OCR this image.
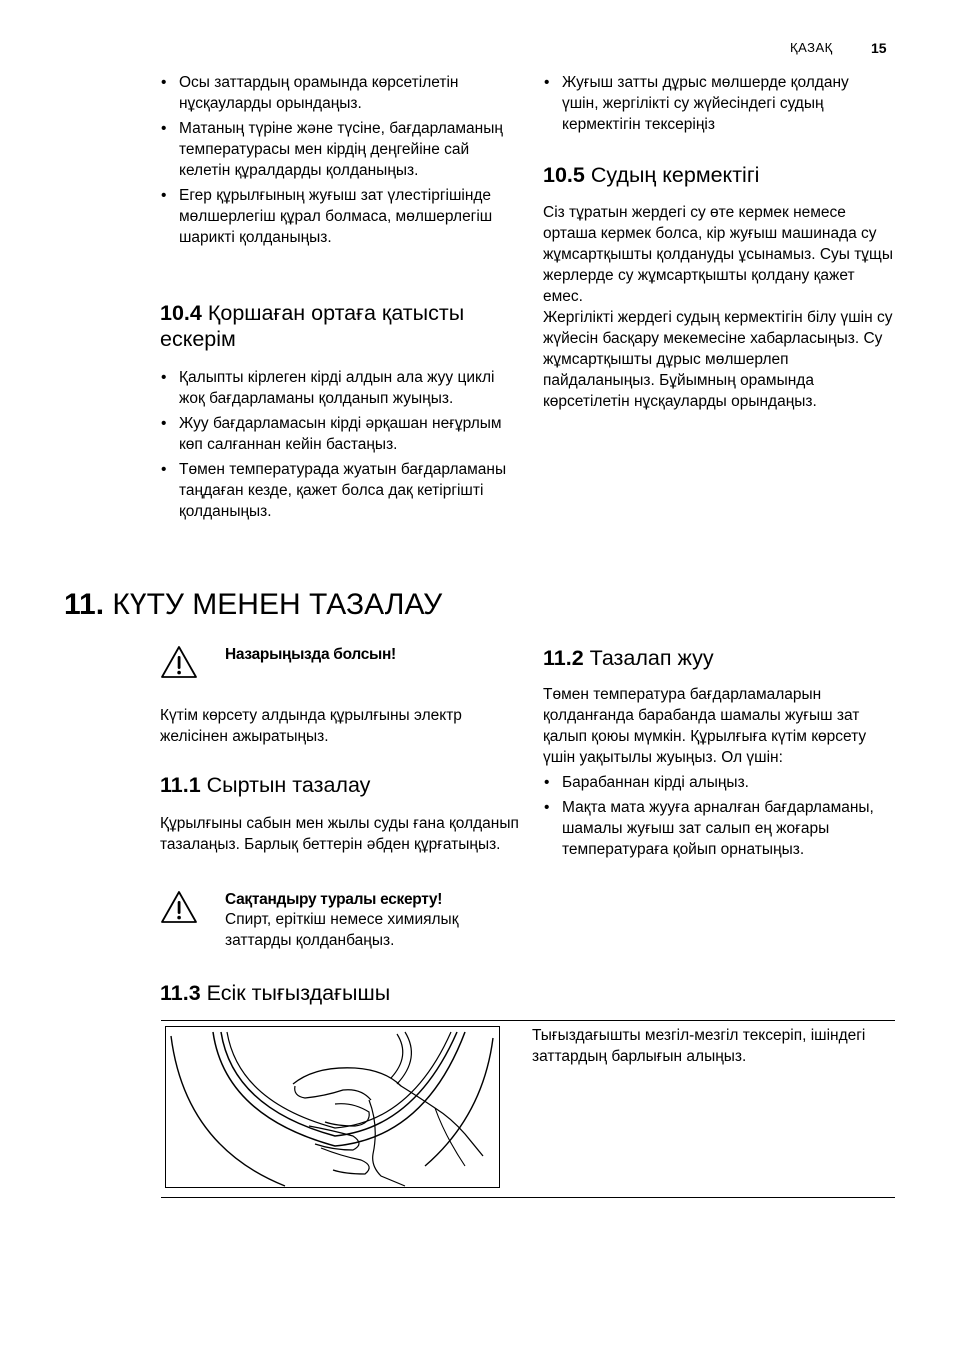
ҚАЗАҚ	15
• Осы заттардың орамында көрсетілетін нұсқауларды орындаңыз.
• Матаның түріне және түсіне, бағдарламаның температурасы мен кірдің деңгейіне сай келетін құралдарды қолданыңыз.
• Егер құрылғының жуғыш зат үлестіргішінде мөлшерлегіш құрал болмаса, мөлшерлегіш шарикті қолданыңыз.
10.4 Қоршаған ортаға қатысты
ескерім
• Қалыпты кірлеген кірді алдын ала жуу циклі жоқ бағдарламаны қолданып жуыңыз.
• Жуу бағдарламасын кірді әрқашан неғұрлым көп салғаннан кейін бастаңыз.
• Төмен температурада жуатын бағдарламаны таңдаған кезде, қажет болса дақ кетіргішті қолданыңыз.
• Жуғыш затты дұрыс мөлшерде қолдану үшін, жергілікті су жүйесіндегі судың кермектігін тексеріңіз
10.5 Судың кермектігі

Сіз тұратын жердегі су өте кермек немесе орташа кермек болса, кір жуғыш машинада су жұмсартқышты қолдануды ұсынамыз. Суы тұщы жерлерде су жұмсартқышты қолдану қажет емес.

Жергілікті жердегі судың кермектігін білу үшін су жүйесін басқару мекемесіне хабарласыңыз. Су жұмсартқышты дұрыс мөлшерлеп пайдаланыңыз. Бұйымның орамында көрсетілетін нұсқауларды орындаңыз.

11. КҮТУ МЕНЕН ТАЗАЛАУ
Назарыңызда болсын!

Күтім көрсету алдында құрылғыны электр желісінен ажыратыңыз.

11.1 Сыртын тазалау

Құрылғыны сабын мен жылы суды ғана қолданып тазалаңыз. Барлық беттерін әбден құрғатыңыз.

Сақтандыру туралы ескерту!
Спирт, еріткіш немесе химиялық заттарды қолданбаңыз.
11.2 Тазалап жуу

Төмен температура бағдарламаларын қолданғанда барабанда шамалы жуғыш зат қалып қоюы мүмкін. Құрылғыға күтім көрсету үшін уақытылы жуыңыз. Ол үшін:

• Барабаннан кірді алыңыз.
• Мақта мата жууға арналған бағдарламаны, шамалы жуғыш зат салып ең жоғары температураға қойып орнатыңыз.
11.3 Есік тығыздағышы

Тығыздағышты мезгіл-мезгіл тексеріп, ішіндегі заттардың барлығын алыңыз.
